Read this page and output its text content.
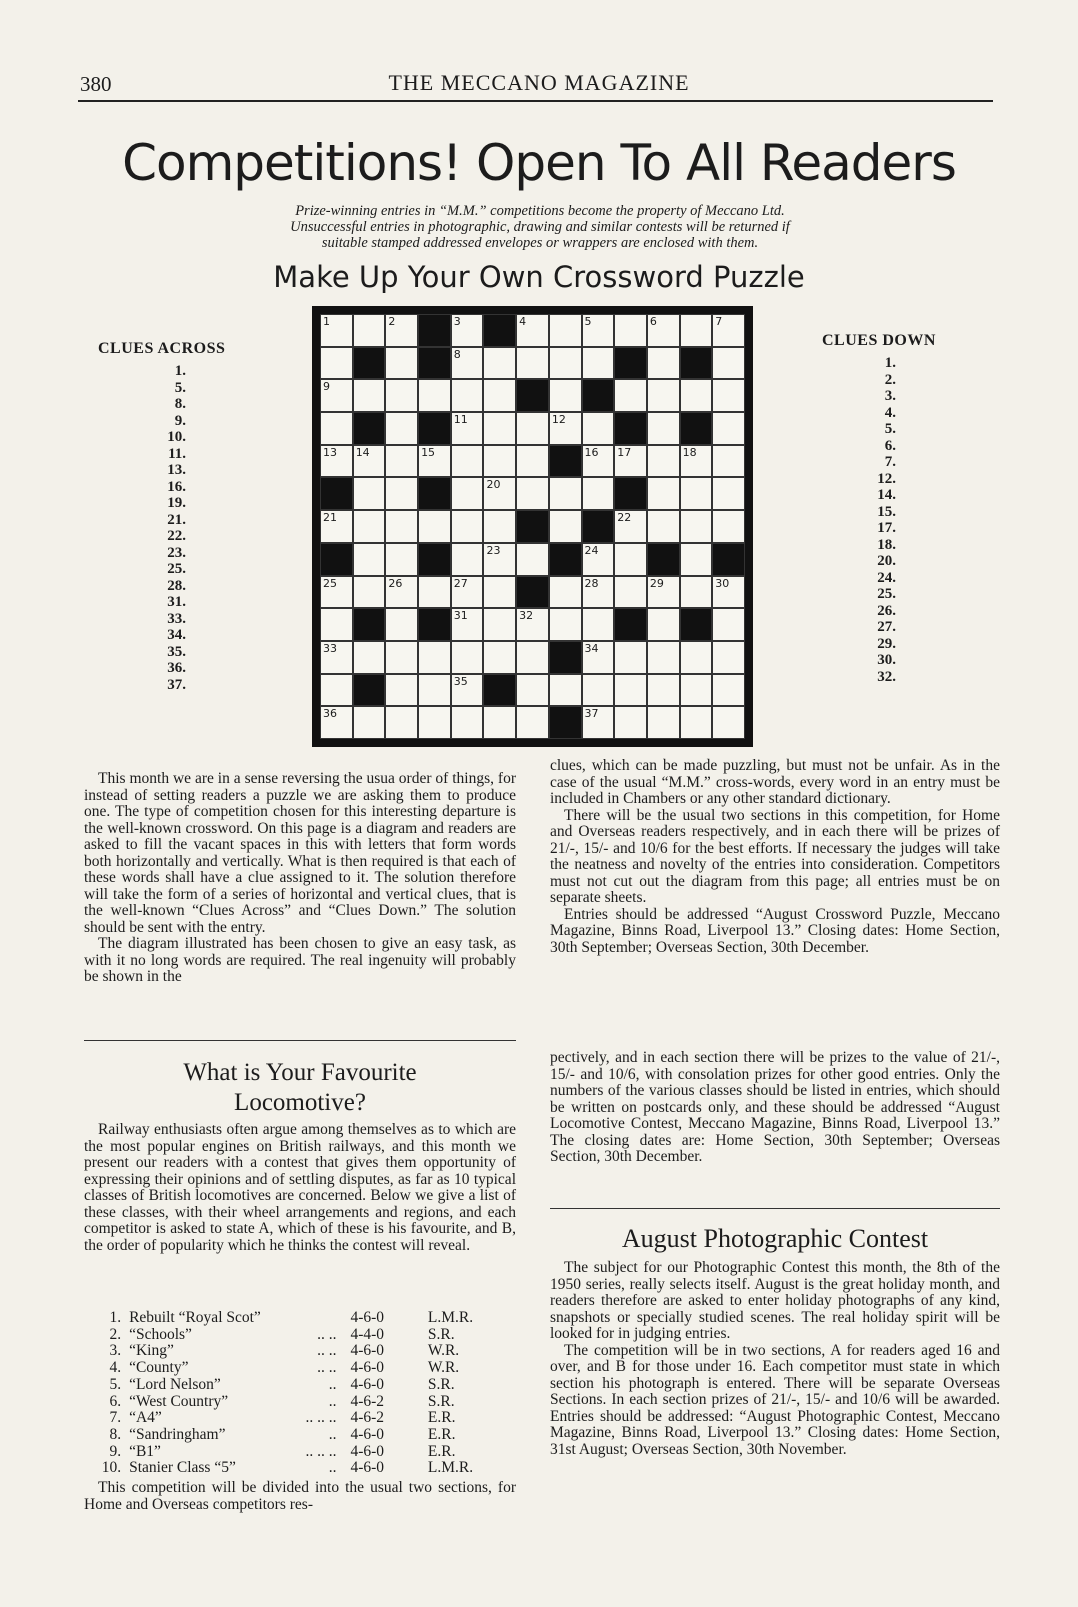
380	THE MECCANO MAGAZINE
Competitions! Open To All Readers
Prize-winning entries in “M.M.” competitions become the property of Meccano Ltd.
Unsuccessful entries in photographic, drawing and similar contests will be returned if
suitable stamped addressed envelopes or wrappers are enclosed with them.
Make Up Your Own Crossword Puzzle
CLUES ACROSS
1.
5.
8.
9.
10.
11.
13.
16.
19.
21.
22.
23.
25.
28.
31.
33.
34.
35.
36.
37.
CLUES DOWN
1.
2.
3.
4.
5.
6.
7.
12.
14.
15.
17.
18.
20.
24.
25.
26.
27.
29.
30.
32.
1	2	3	4	5	6	7
8
9
11	12
13 14	15	16 17	18
20
21	22
23	24
25	26	27	28	29	30
31	32
33	34
35
36	37

This month we are in a sense reversing the usua order of things, for instead of setting readers a puzzle we are asking them to produce one. The type of competition chosen for this interesting departure is the well-known crossword. On this page is a diagram and readers are asked to fill the vacant spaces in this with letters that form words both horizontally and vertically. What is then required is that each of these words shall have a clue assigned to it. The solution therefore will take the form of a series of horizontal and vertical clues, that is the well-known “Clues Across” and “Clues Down.” The solution should be sent with the entry.

The diagram illustrated has been chosen to give an easy task, as with it no long words are required. The real ingenuity will probably be shown in the

clues, which can be made puzzling, but must not be unfair. As in the case of the usual “M.M.” cross-words, every word in an entry must be included in Chambers or any other standard dictionary.

There will be the usual two sections in this competition, for Home and Overseas readers respectively, and in each there will be prizes of 21/-, 15/- and 10/6 for the best efforts. If necessary the judges will take the neatness and novelty of the entries into consideration. Competitors must not cut out the diagram from this page; all entries must be on separate sheets.

Entries should be addressed “August Crossword Puzzle, Meccano Magazine, Binns Road, Liverpool 13.” Closing dates: Home Section, 30th September; Overseas Section, 30th December.

What is Your Favourite
Locomotive?

Railway enthusiasts often argue among themselves as to which are the most popular engines on British railways, and this month we present our readers with a contest that gives them opportunity of expressing their opinions and of settling disputes, as far as 10 typical classes of British locomotives are concerned. Below we give a list of these classes, with their wheel arrangements and regions, and each competitor is asked to state A, which of these is his favourite, and B, the order of popularity which he thinks the contest will reveal.

1.	Rebuilt “Royal Scot”		4-6-0	L.M.R.
2.	“Schools”	.. ..	4-4-0	S.R.
3.	“King”	.. ..	4-6-0	W.R.
4.	“County”	.. ..	4-6-0	W.R.
5.	“Lord Nelson”	..	4-6-0	S.R.
6.	“West Country”	..	4-6-2	S.R.
7.	“A4”	.. .. ..	4-6-2	E.R.
8.	“Sandringham”	..	4-6-0	E.R.
9.	“B1”	.. .. ..	4-6-0	E.R.
10.	Stanier Class “5”	..	4-6-0	L.M.R.

This competition will be divided into the usual two sections, for Home and Overseas competitors res-

pectively, and in each section there will be prizes to the value of 21/-, 15/- and 10/6, with consolation prizes for other good entries. Only the numbers of the various classes should be listed in entries, which should be written on postcards only, and these should be addressed “August Locomotive Contest, Meccano Magazine, Binns Road, Liverpool 13.” The closing dates are: Home Section, 30th September; Overseas Section, 30th December.

August Photographic Contest

The subject for our Photographic Contest this month, the 8th of the 1950 series, really selects itself. August is the great holiday month, and readers therefore are asked to enter holiday photographs of any kind, snapshots or specially studied scenes. The real holiday spirit will be looked for in judging entries.

The competition will be in two sections, A for readers aged 16 and over, and B for those under 16. Each competitor must state in which section his photograph is entered. There will be separate Overseas Sections. In each section prizes of 21/-, 15/- and 10/6 will be awarded. Entries should be addressed: “August Photographic Contest, Meccano Magazine, Binns Road, Liverpool 13.” Closing dates: Home Section, 31st August; Overseas Section, 30th November.
